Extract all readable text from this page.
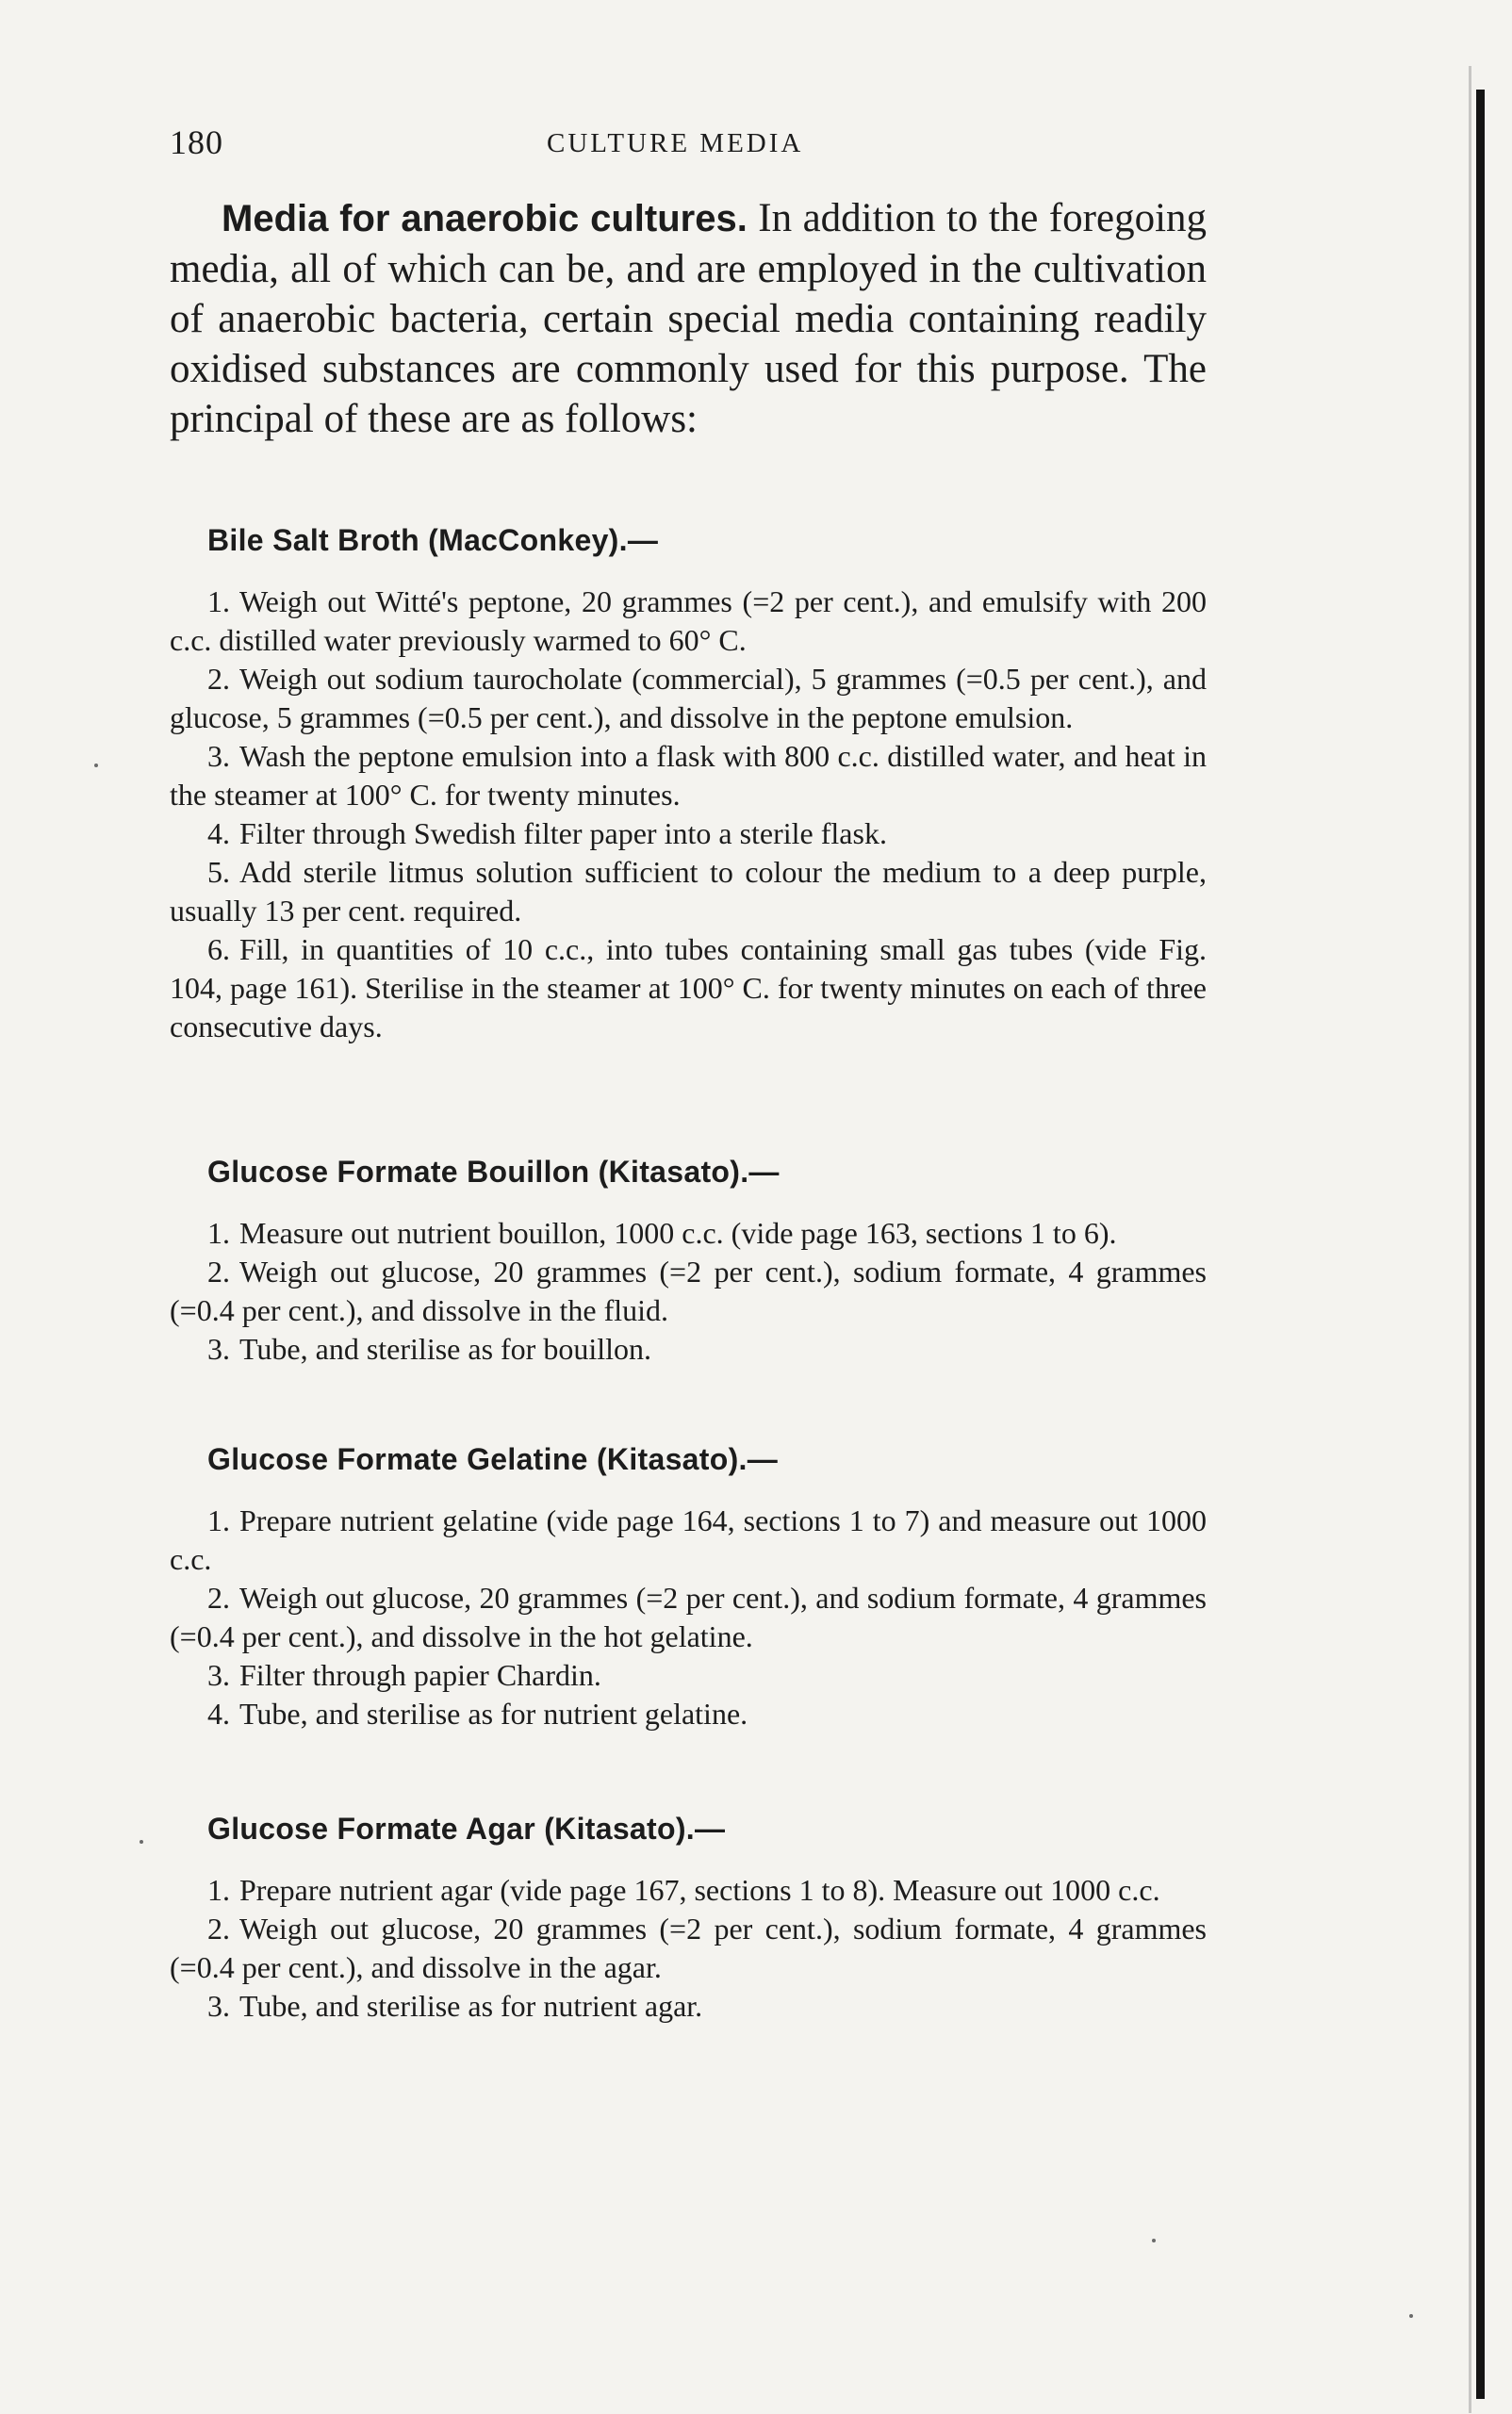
180	CULTURE MEDIA
Media for anaerobic cultures. In addition to the foregoing media, all of which can be, and are employed in the cultivation of anaerobic bacteria, certain special media containing readily oxidised substances are commonly used for this purpose. The principal of these are as follows:
Bile Salt Broth (MacConkey).—

1. Weigh out Witté's peptone, 20 grammes (=2 per cent.), and emulsify with 200 c.c. distilled water previously warmed to 60° C.

2. Weigh out sodium taurocholate (commercial), 5 grammes (=0.5 per cent.), and glucose, 5 grammes (=0.5 per cent.), and dissolve in the peptone emulsion.

3. Wash the peptone emulsion into a flask with 800 c.c. distilled water, and heat in the steamer at 100° C. for twenty minutes.

4. Filter through Swedish filter paper into a sterile flask.

5. Add sterile litmus solution sufficient to colour the medium to a deep purple, usually 13 per cent. required.

6. Fill, in quantities of 10 c.c., into tubes containing small gas tubes (vide Fig. 104, page 161). Sterilise in the steamer at 100° C. for twenty minutes on each of three consecutive days.

Glucose Formate Bouillon (Kitasato).—

1. Measure out nutrient bouillon, 1000 c.c. (vide page 163, sections 1 to 6).

2. Weigh out glucose, 20 grammes (=2 per cent.), sodium formate, 4 grammes (=0.4 per cent.), and dissolve in the fluid.

3. Tube, and sterilise as for bouillon.

Glucose Formate Gelatine (Kitasato).—

1. Prepare nutrient gelatine (vide page 164, sections 1 to 7) and measure out 1000 c.c.

2. Weigh out glucose, 20 grammes (=2 per cent.), and sodium formate, 4 grammes (=0.4 per cent.), and dissolve in the hot gelatine.

3. Filter through papier Chardin.

4. Tube, and sterilise as for nutrient gelatine.

Glucose Formate Agar (Kitasato).—

1. Prepare nutrient agar (vide page 167, sections 1 to 8). Measure out 1000 c.c.

2. Weigh out glucose, 20 grammes (=2 per cent.), sodium formate, 4 grammes (=0.4 per cent.), and dissolve in the agar.

3. Tube, and sterilise as for nutrient agar.
